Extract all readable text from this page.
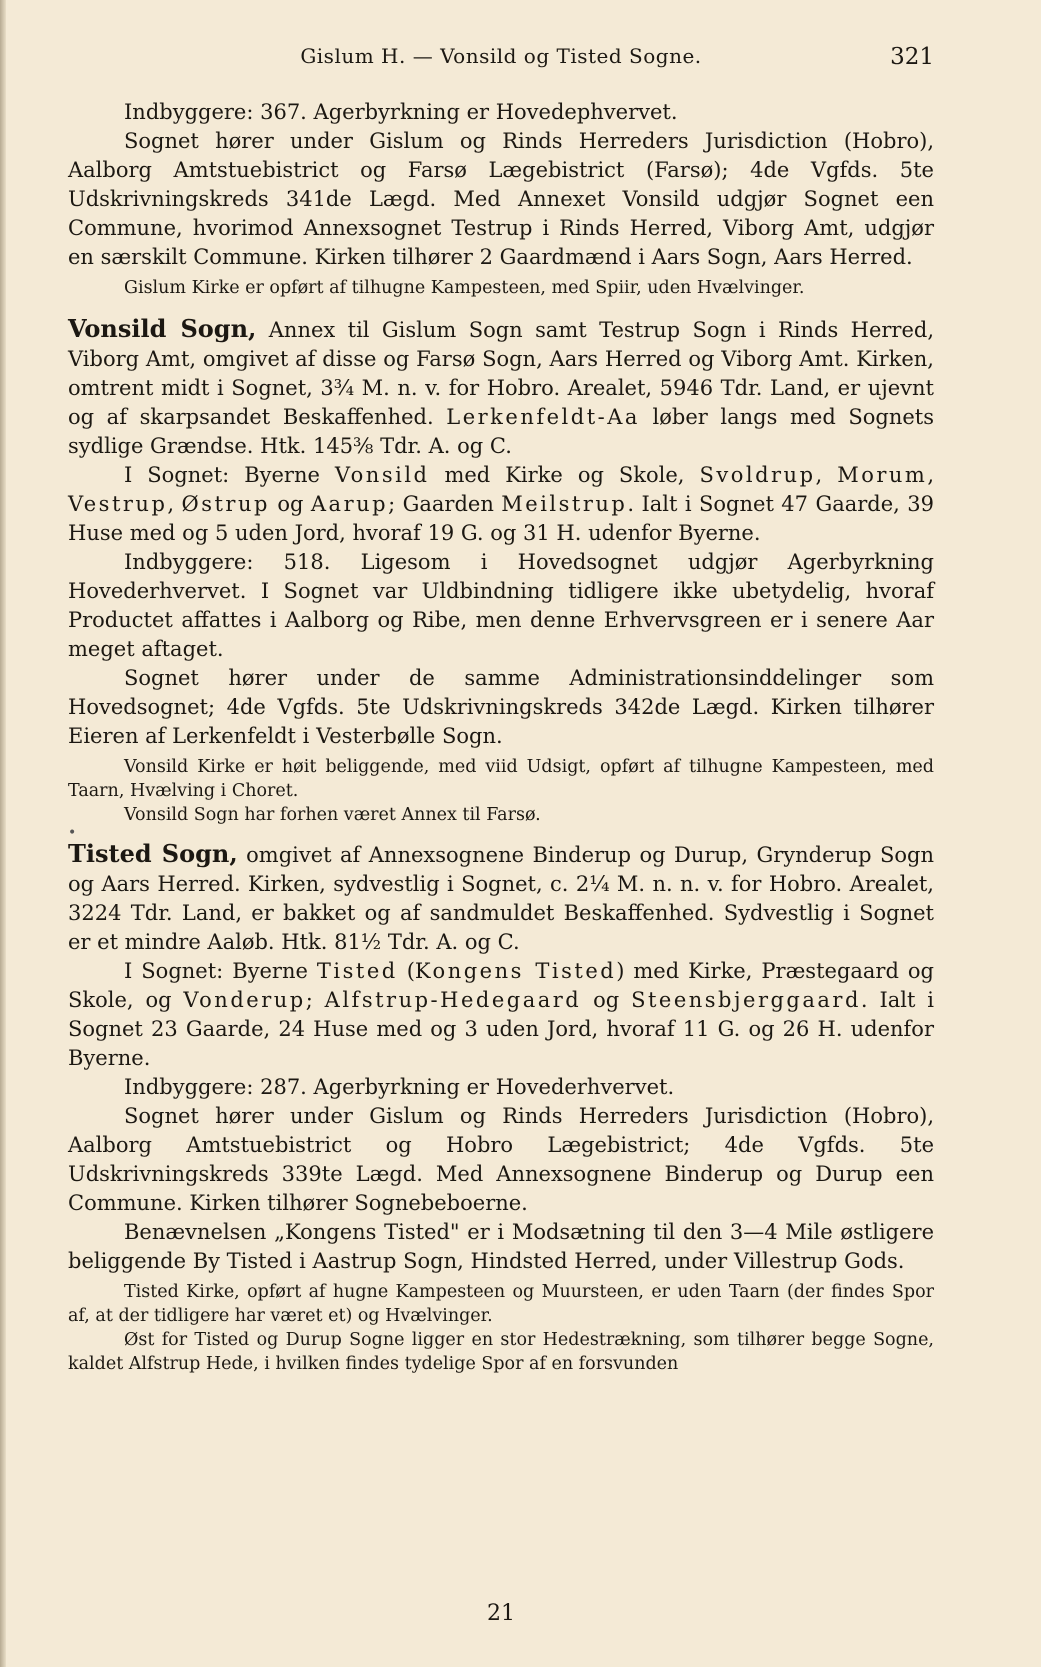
Gislum H. — Vonsild og Tisted Sogne.	321

Indbyggere: 367. Agerbyrkning er Hovedерhvervet.

Sognet hører under Gislum og Rinds Herreders Jurisdiction (Hobro), Aalborg Amtstuebistrict og Farsø Lægebistrict (Farsø); 4de Vgfds. 5te Udskrivningskreds 341de Lægd. Med Annexet Vonsild udgjør Sognet een Commune, hvorimod Annexsognet Testrup i Rinds Herred, Viborg Amt, udgjør en særskilt Commune. Kirken tilhører 2 Gaardmænd i Aars Sogn, Aars Herred.

Gislum Kirke er opført af tilhugne Kampesteen, med Spiir, uden Hvælvinger.

Vonsild Sogn, Annex til Gislum Sogn samt Testrup Sogn i Rinds Herred, Viborg Amt, omgivet af disse og Farsø Sogn, Aars Herred og Viborg Amt. Kirken, omtrent midt i Sognet, 3¾ M. n. v. for Hobro. Arealet, 5946 Tdr. Land, er ujevnt og af skarpsandet Beskaffenhed. Lerkenfeldt-Aa løber langs med Sognets sydlige Grændse. Htk. 145⅜ Tdr. A. og C.

I Sognet: Byerne Vonsild med Kirke og Skole, Svoldrup, Morum, Vestrup, Østrup og Aarup; Gaarden Meilstrup. Ialt i Sognet 47 Gaarde, 39 Huse med og 5 uden Jord, hvoraf 19 G. og 31 H. udenfor Byerne.

Indbyggere: 518. Ligesom i Hovedsognet udgjør Agerbyrkning Hovederhvervet. I Sognet var Uldbindning tidligere ikke ubetydelig, hvoraf Productet affattes i Aalborg og Ribe, men denne Erhvervsgreen er i senere Aar meget aftaget.

Sognet hører under de samme Administrationsinddelinger som Hovedsognet; 4de Vgfds. 5te Udskrivningskreds 342de Lægd. Kirken tilhører Eieren af Lerkenfeldt i Vesterbølle Sogn.

Vonsild Kirke er høit beliggende, med viid Udsigt, opført af tilhugne Kampesteen, med Taarn, Hvælving i Choret.

Vonsild Sogn har forhen været Annex til Farsø.

•

Tisted Sogn, omgivet af Annexsognene Binderup og Durup, Grynderup Sogn og Aars Herred. Kirken, sydvestlig i Sognet, c. 2¼ M. n. n. v. for Hobro. Arealet, 3224 Tdr. Land, er bakket og af sandmuldet Beskaffenhed. Sydvestlig i Sognet er et mindre Aaløb. Htk. 81½ Tdr. A. og C.

I Sognet: Byerne Tisted (Kongens Tisted) med Kirke, Præstegaard og Skole, og Vonderup; Alfstrup-Hedegaard og Steensbjerggaard. Ialt i Sognet 23 Gaarde, 24 Huse med og 3 uden Jord, hvoraf 11 G. og 26 H. udenfor Byerne.

Indbyggere: 287. Agerbyrkning er Hovederhvervet.

Sognet hører under Gislum og Rinds Herreders Jurisdiction (Hobro), Aalborg Amtstuebistrict og Hobro Lægebistrict; 4de Vgfds. 5te Udskrivningskreds 339te Lægd. Med Annexsognene Binderup og Durup een Commune. Kirken tilhører Sognebeboerne.

Benævnelsen „Kongens Tisted" er i Modsætning til den 3—4 Mile østligere beliggende By Tisted i Aastrup Sogn, Hindsted Herred, under Villestrup Gods.

Tisted Kirke, opført af hugne Kampesteen og Muursteen, er uden Taarn (der findes Spor af, at der tidligere har været et) og Hvælvinger.

Øst for Tisted og Durup Sogne ligger en stor Hedestrækning, som tilhører begge Sogne, kaldet Alfstrup Hede, i hvilken findes tydelige Spor af en forsvunden

21
